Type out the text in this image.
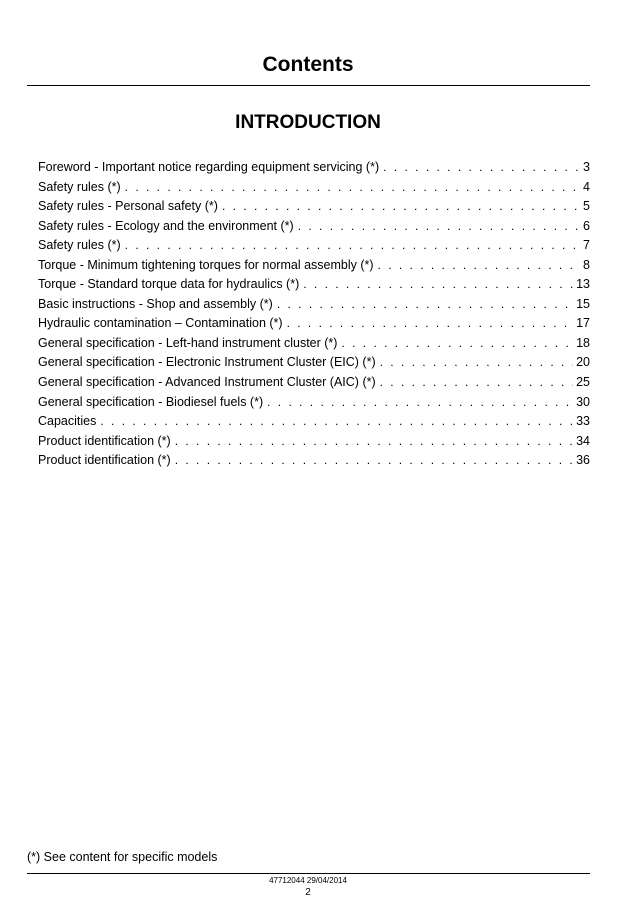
Contents
INTRODUCTION
Foreword - Important notice regarding equipment servicing (*) . . .	3
Safety rules (*) . . .	4
Safety rules - Personal safety (*) . . .	5
Safety rules - Ecology and the environment (*) . . .	6
Safety rules (*) . . .	7
Torque - Minimum tightening torques for normal assembly (*) . . .	8
Torque - Standard torque data for hydraulics (*) . . .	13
Basic instructions - Shop and assembly (*) . . .	15
Hydraulic contamination – Contamination (*) . . .	17
General specification - Left-hand instrument cluster (*) . . .	18
General specification - Electronic Instrument Cluster (EIC) (*) . . .	20
General specification - Advanced Instrument Cluster (AIC) (*) . . .	25
General specification - Biodiesel fuels (*) . . .	30
Capacities . . .	33
Product identification (*) . . .	34
Product identification (*) . . .	36
(*) See content for specific models
47712044 29/04/2014
2
